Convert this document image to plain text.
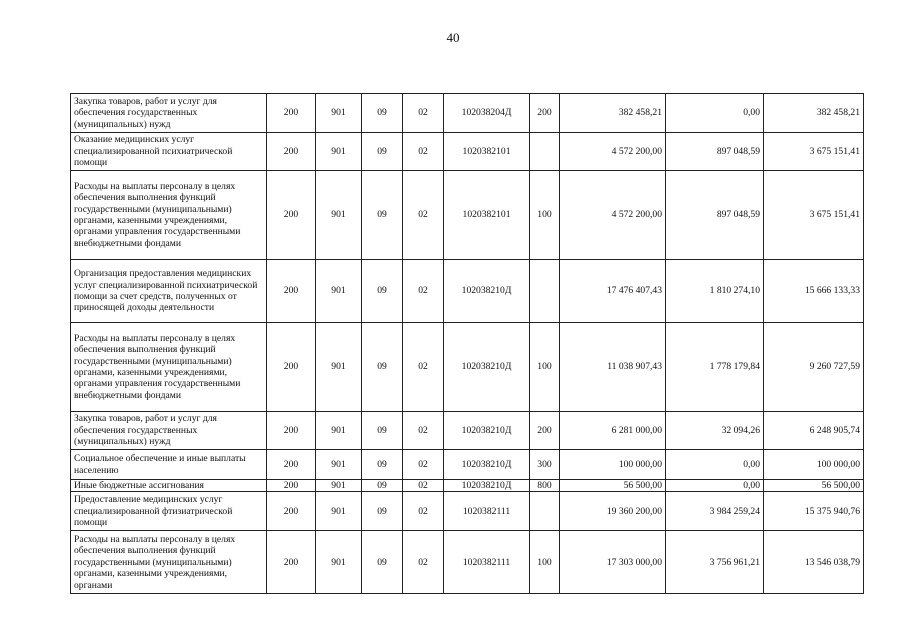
40
Закупка товаров, работ и услуг для обеспечения государственных (муниципальных) нужд	200	901	09	02	102038204Д	200	382 458,21	0,00	382 458,21
Оказание медицинских услуг специализированной психиатрической помощи	200	901	09	02	1020382101		4 572 200,00	897 048,59	3 675 151,41
Расходы на выплаты персоналу в целях обеспечения выполнения функций государственными (муниципальными) органами, казенными учреждениями, органами управления государственными внебюджетными фондами	200	901	09	02	1020382101	100	4 572 200,00	897 048,59	3 675 151,41
Организация предоставления медицинских услуг специализированной психиатрической помощи за счет средств, полученных от приносящей доходы деятельности	200	901	09	02	102038210Д		17 476 407,43	1 810 274,10	15 666 133,33
Расходы на выплаты персоналу в целях обеспечения выполнения функций государственными (муниципальными) органами, казенными учреждениями, органами управления государственными внебюджетными фондами	200	901	09	02	102038210Д	100	11 038 907,43	1 778 179,84	9 260 727,59
Закупка товаров, работ и услуг для обеспечения государственных (муниципальных) нужд	200	901	09	02	102038210Д	200	6 281 000,00	32 094,26	6 248 905,74
Социальное обеспечение и иные выплаты населению	200	901	09	02	102038210Д	300	100 000,00	0,00	100 000,00
Иные бюджетные ассигнования	200	901	09	02	102038210Д	800	56 500,00	0,00	56 500,00
Предоставление медицинских услуг специализированной фтизиатрической помощи	200	901	09	02	1020382111		19 360 200,00	3 984 259,24	15 375 940,76
Расходы на выплаты персоналу в целях обеспечения выполнения функций государственными (муниципальными) органами, казенными учреждениями, органами	200	901	09	02	1020382111	100	17 303 000,00	3 756 961,21	13 546 038,79
